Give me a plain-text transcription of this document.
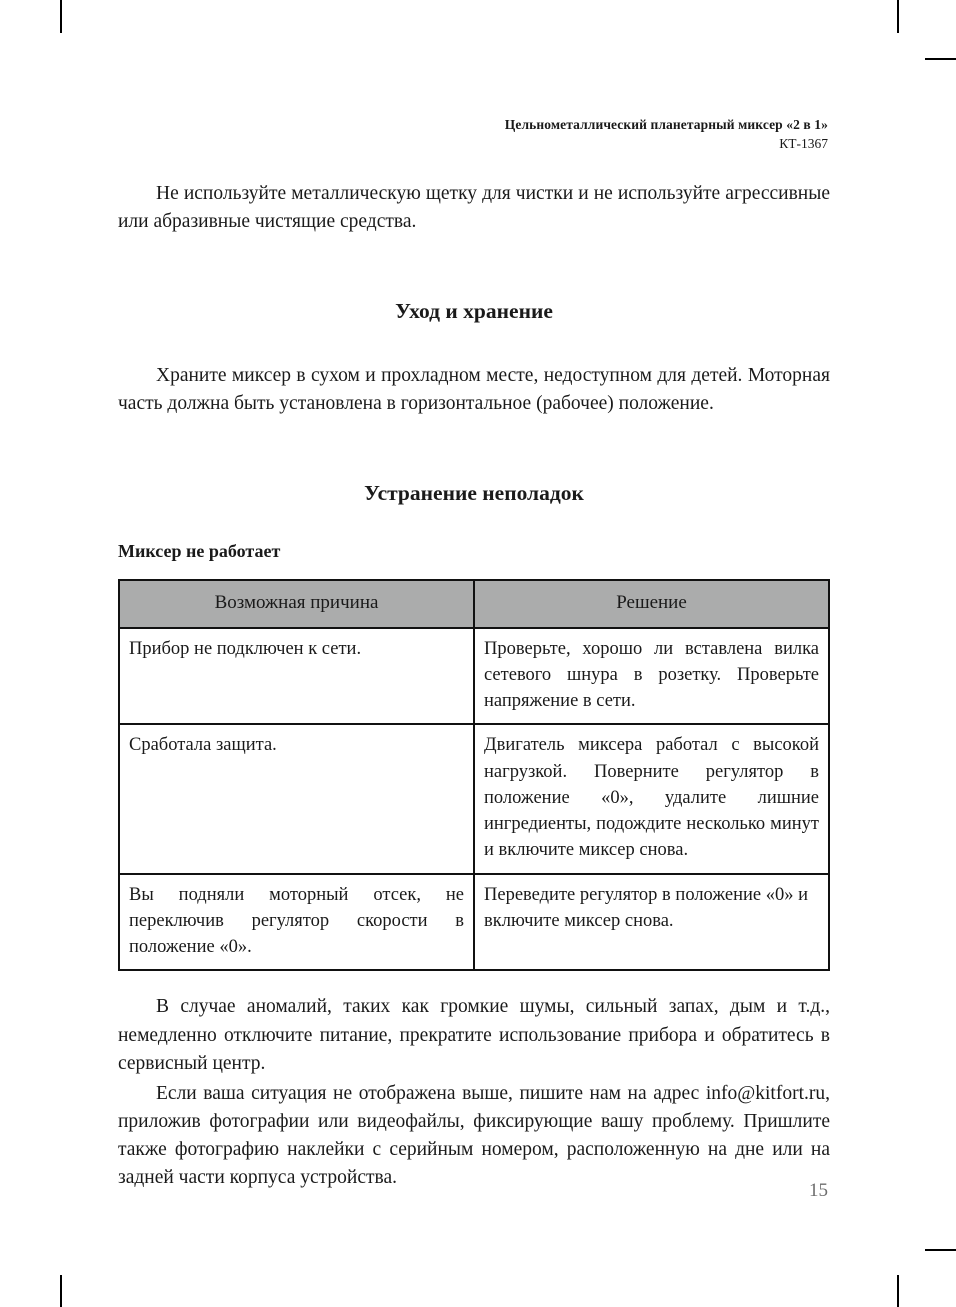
Цельнометаллический планетарный миксер «2 в 1»
КТ-1367

Не используйте металлическую щетку для чистки и не используйте агрессивные или абразивные чистящие средства.

Уход и хранение

Храните миксер в сухом и прохладном месте, недоступном для детей. Моторная часть должна быть установлена в горизонтальное (рабочее) положение.

Устранение неполадок
Миксер не работает
Возможная причина	Решение
Прибор не подключен к сети.	Проверьте, хорошо ли вставлена вилка сетевого шнура в розетку. Проверьте напряжение в сети.
Сработала защита.	Двигатель миксера работал с высокой нагрузкой. Поверните регулятор в положение «0», удалите лишние ингредиенты, подождите несколько минут и включите миксер снова.
Вы подняли моторный отсек, не переключив регулятор скорости в положение «0».	Переведите регулятор в положение «0» и включите миксер снова.

В случае аномалий, таких как громкие шумы, сильный запах, дым и т.д., немедленно отключите питание, прекратите использование прибора и обратитесь в сервисный центр.

Если ваша ситуация не отображена выше, пишите нам на адрес info@kitfort.ru, приложив фотографии или видеофайлы, фиксирующие вашу проблему. Пришлите также фотографию наклейки с серийным номером, расположенную на дне или на задней части корпуса устройства.

15
